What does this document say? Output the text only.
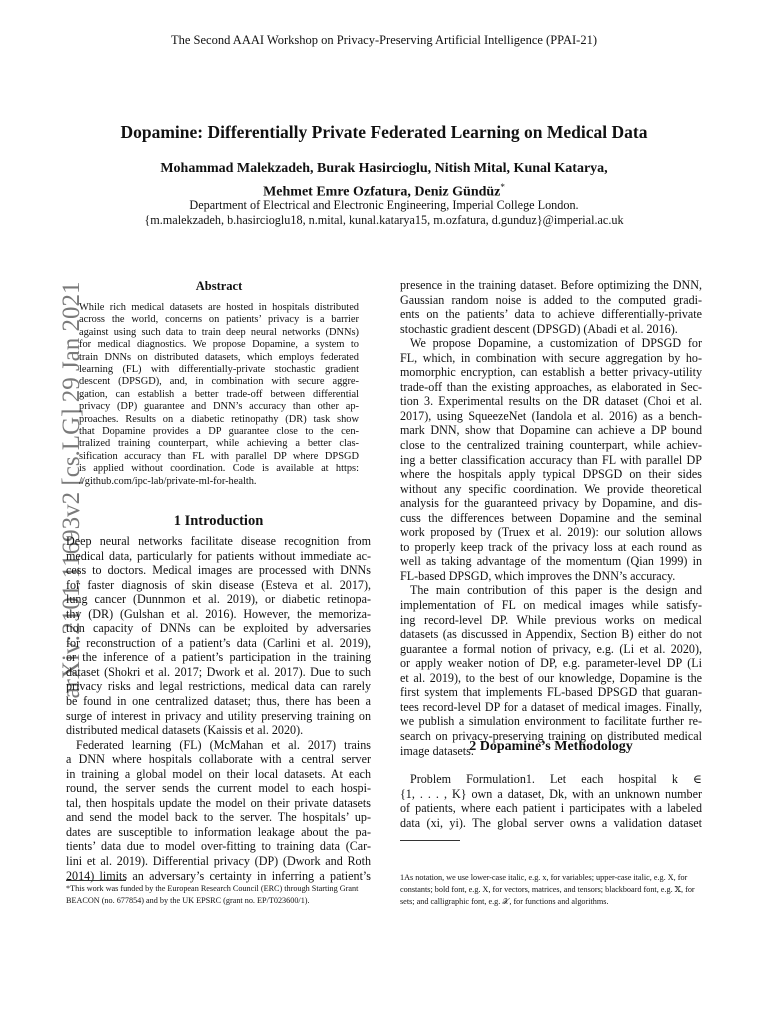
The Second AAAI Workshop on Privacy-Preserving Artificial Intelligence (PPAI-21)
Dopamine: Differentially Private Federated Learning on Medical Data
Mohammad Malekzadeh, Burak Hasircioglu, Nitish Mital, Kunal Katarya,
Mehmet Emre Ozfatura, Deniz Gündüz*
Department of Electrical and Electronic Engineering, Imperial College London.
{m.malekzadeh, b.hasircioglu18, n.mital, kunal.katarya15, m.ozfatura, d.gunduz}@imperial.ac.uk
arXiv:2101.11693v2 [cs.LG] 29 Jan 2021	Abstract
While rich medical datasets are hosted in hospitals distributed
across the world, concerns on patients’ privacy is a barrier
against using such data to train deep neural networks (DNNs)
for medical diagnostics. We propose Dopamine, a system to
train DNNs on distributed datasets, which employs federated
learning (FL) with differentially-private stochastic gradient
descent (DPSGD), and, in combination with secure aggre-
gation, can establish a better trade-off between differential
privacy (DP) guarantee and DNN’s accuracy than other ap-
proaches. Results on a diabetic retinopathy (DR) task show
that Dopamine provides a DP guarantee close to the cen-
tralized training counterpart, while achieving a better clas-
sification accuracy than FL with parallel DP where DPSGD
is applied without coordination. Code is available at https:
//github.com/ipc-lab/private-ml-for-health.
1 Introduction
Deep neural networks facilitate disease recognition from
medical data, particularly for patients without immediate ac-
cess to doctors. Medical images are processed with DNNs
for faster diagnosis of skin disease (Esteva et al. 2017),
lung cancer (Dunnmon et al. 2019), or diabetic retinopa-
thy (DR) (Gulshan et al. 2016). However, the memoriza-
tion capacity of DNNs can be exploited by adversaries
for reconstruction of a patient’s data (Carlini et al. 2019),
or the inference of a patient’s participation in the training
dataset (Shokri et al. 2017; Dwork et al. 2017). Due to such
privacy risks and legal restrictions, medical data can rarely
be found in one centralized dataset; thus, there has been a
surge of interest in privacy and utility preserving training on
distributed medical datasets (Kaissis et al. 2020).
Federated learning (FL) (McMahan et al. 2017) trains
a DNN where hospitals collaborate with a central server
in training a global model on their local datasets. At each
round, the server sends the current model to each hospi-
tal, then hospitals update the model on their private datasets
and send the model back to the server. The hospitals’ up-
dates are susceptible to information leakage about the pa-
tients’ data due to model over-fitting to training data (Car-
lini et al. 2019). Differential privacy (DP) (Dwork and Roth
2014) limits an adversary’s certainty in inferring a patient’s
*This work was funded by the European Research Council (ERC) through Starting Grant BEACON (no. 677854) and by the UK EPSRC (grant no. EP/T023600/1).
presence in the training dataset. Before optimizing the DNN,
Gaussian random noise is added to the computed gradi-
ents on the patients’ data to achieve differentially-private
stochastic gradient descent (DPSGD) (Abadi et al. 2016).
We propose Dopamine, a customization of DPSGD for
FL, which, in combination with secure aggregation by ho-
momorphic encryption, can establish a better privacy-utility
trade-off than the existing approaches, as elaborated in Sec-
tion 3. Experimental results on the DR dataset (Choi et al.
2017), using SqueezeNet (Iandola et al. 2016) as a bench-
mark DNN, show that Dopamine can achieve a DP bound
close to the centralized training counterpart, while achiev-
ing a better classification accuracy than FL with parallel DP
where the hospitals apply typical DPSGD on their sides
without any specific coordination. We provide theoretical
analysis for the guaranteed privacy by Dopamine, and dis-
cuss the differences between Dopamine and the seminal
work proposed by (Truex et al. 2019): our solution allows
to properly keep track of the privacy loss at each round as
well as taking advantage of the momentum (Qian 1999) in
FL-based DPSGD, which improves the DNN’s accuracy.
The main contribution of this paper is the design and
implementation of FL on medical images while satisfy-
ing record-level DP. While previous works on medical
datasets (as discussed in Appendix, Section B) either do not
guarantee a formal notion of privacy, e.g. (Li et al. 2020),
or apply weaker notion of DP, e.g. parameter-level DP (Li
et al. 2019), to the best of our knowledge, Dopamine is the
first system that implements FL-based DPSGD that guaran-
tees record-level DP for a dataset of medical images. Finally,
we publish a simulation environment to facilitate further re-
search on privacy-preserving training on distributed medical
image datasets.
2 Dopamine’s Methodology
Problem Formulation1. Let each hospital k ∈
{1, . . . , K} own a dataset, Dk, with an unknown number
of patients, where each patient i participates with a labeled
data (xi, yi). The global server owns a validation dataset
1As notation, we use lower-case italic, e.g. x, for variables; upper-case italic, e.g. X, for constants; bold font, e.g. X, for vectors, matrices, and tensors; blackboard font, e.g. 𝕏, for sets; and calligraphic font, e.g. 𝒳, for functions and algorithms.
